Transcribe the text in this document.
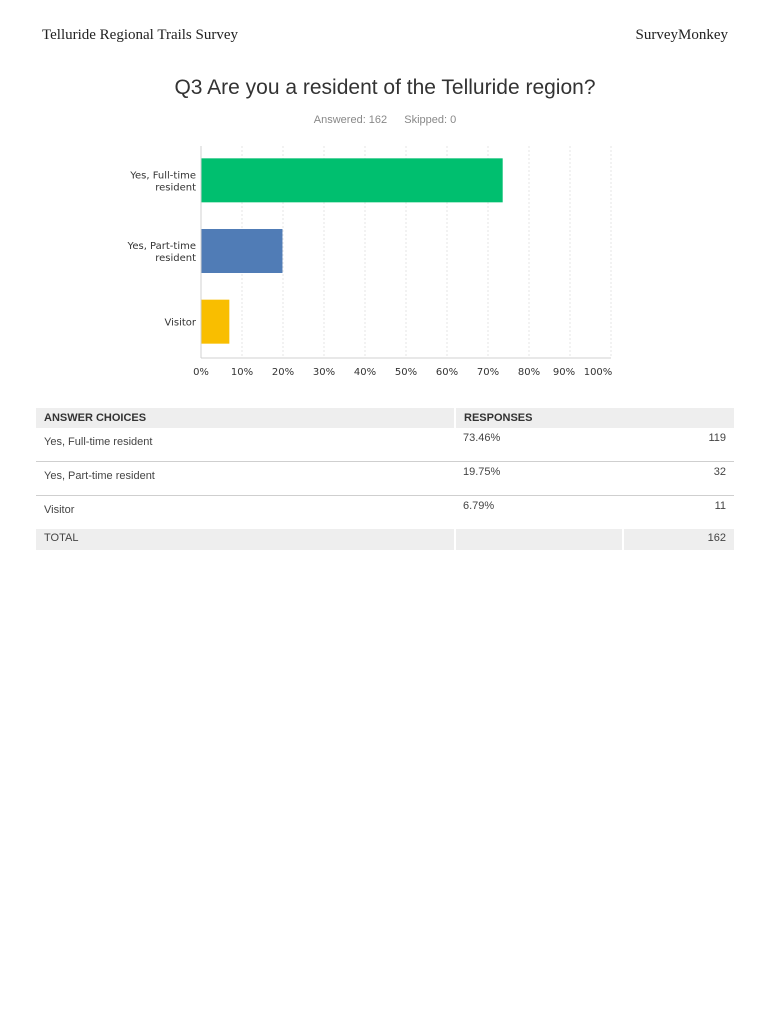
Telluride Regional Trails Survey	SurveyMonkey
Q3 Are you a resident of the Telluride region?
Answered: 162 Skipped: 0
Yes, Full-time
resident
Yes, Part-time
resident
Visitor
0% 10% 20% 30% 40% 50% 60% 70% 80% 90% 100%
ANSWER CHOICES	RESPONSES	
Yes, Full-time resident	73.46%	119
Yes, Part-time resident	19.75%	32
Visitor	6.79%	11
TOTAL		162
